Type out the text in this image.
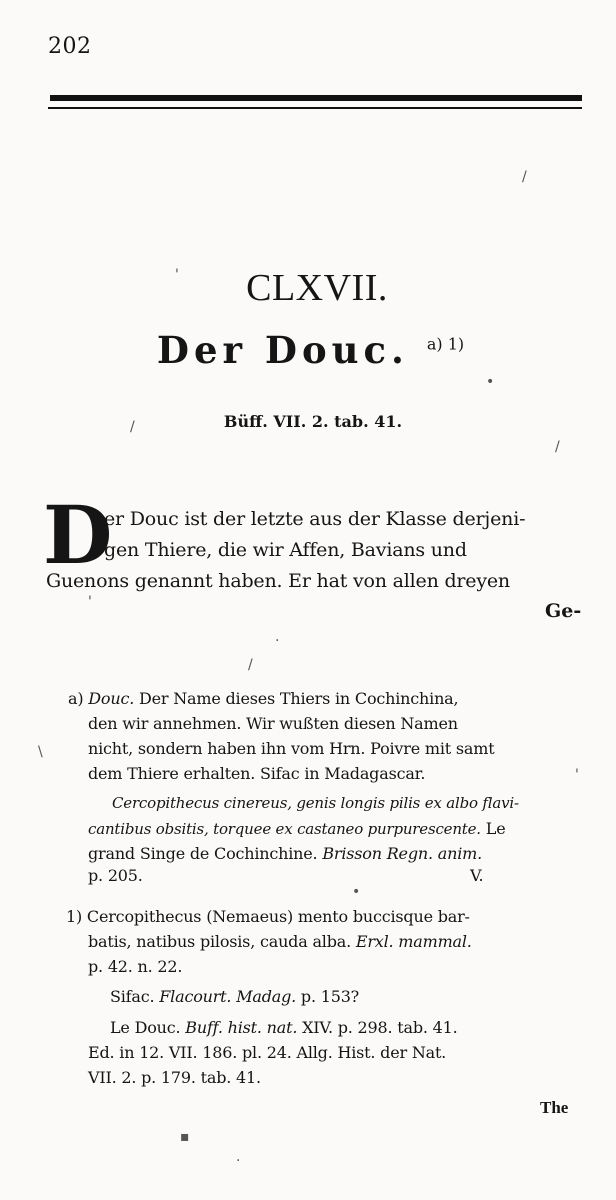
'
/
/
•
/
.
/
'
\
'
•
▪
.
202
CLXVII.
Der Douc. $^{a) 1)}$
Büff. VII. 2. tab. 41.
D
er Douc ist der letzte aus der Klasse derjeni-
gen Thiere, die wir Affen, Bavians und
Guenons genannt haben. Er hat von allen dreyen
Ge-
a) Douc. Der Name dieses Thiers in Cochinchina,
den wir annehmen. Wir wußten diesen Namen
nicht, sondern haben ihn vom Hrn. Poivre mit samt
dem Thiere erhalten. Sifac in Madagascar.
Cercopithecus cinereus, genis longis pilis ex albo flavi-
cantibus obsitis, torquee ex castaneo purpurescente. Le
grand Singe de Cochinchine. Brisson Regn. anim.
p. 205.	V.
1) Cercopithecus (Nemaeus) mento buccisque bar-
batis, natibus pilosis, cauda alba. Erxl. mammal.
p. 42. n. 22.
Sifac. Flacourt. Madag. p. 153?
Le Douc. Buff. hist. nat. XIV. p. 298. tab. 41.
Ed. in 12. VII. 186. pl. 24. Allg. Hist. der Nat.
VII. 2. p. 179. tab. 41.
The
